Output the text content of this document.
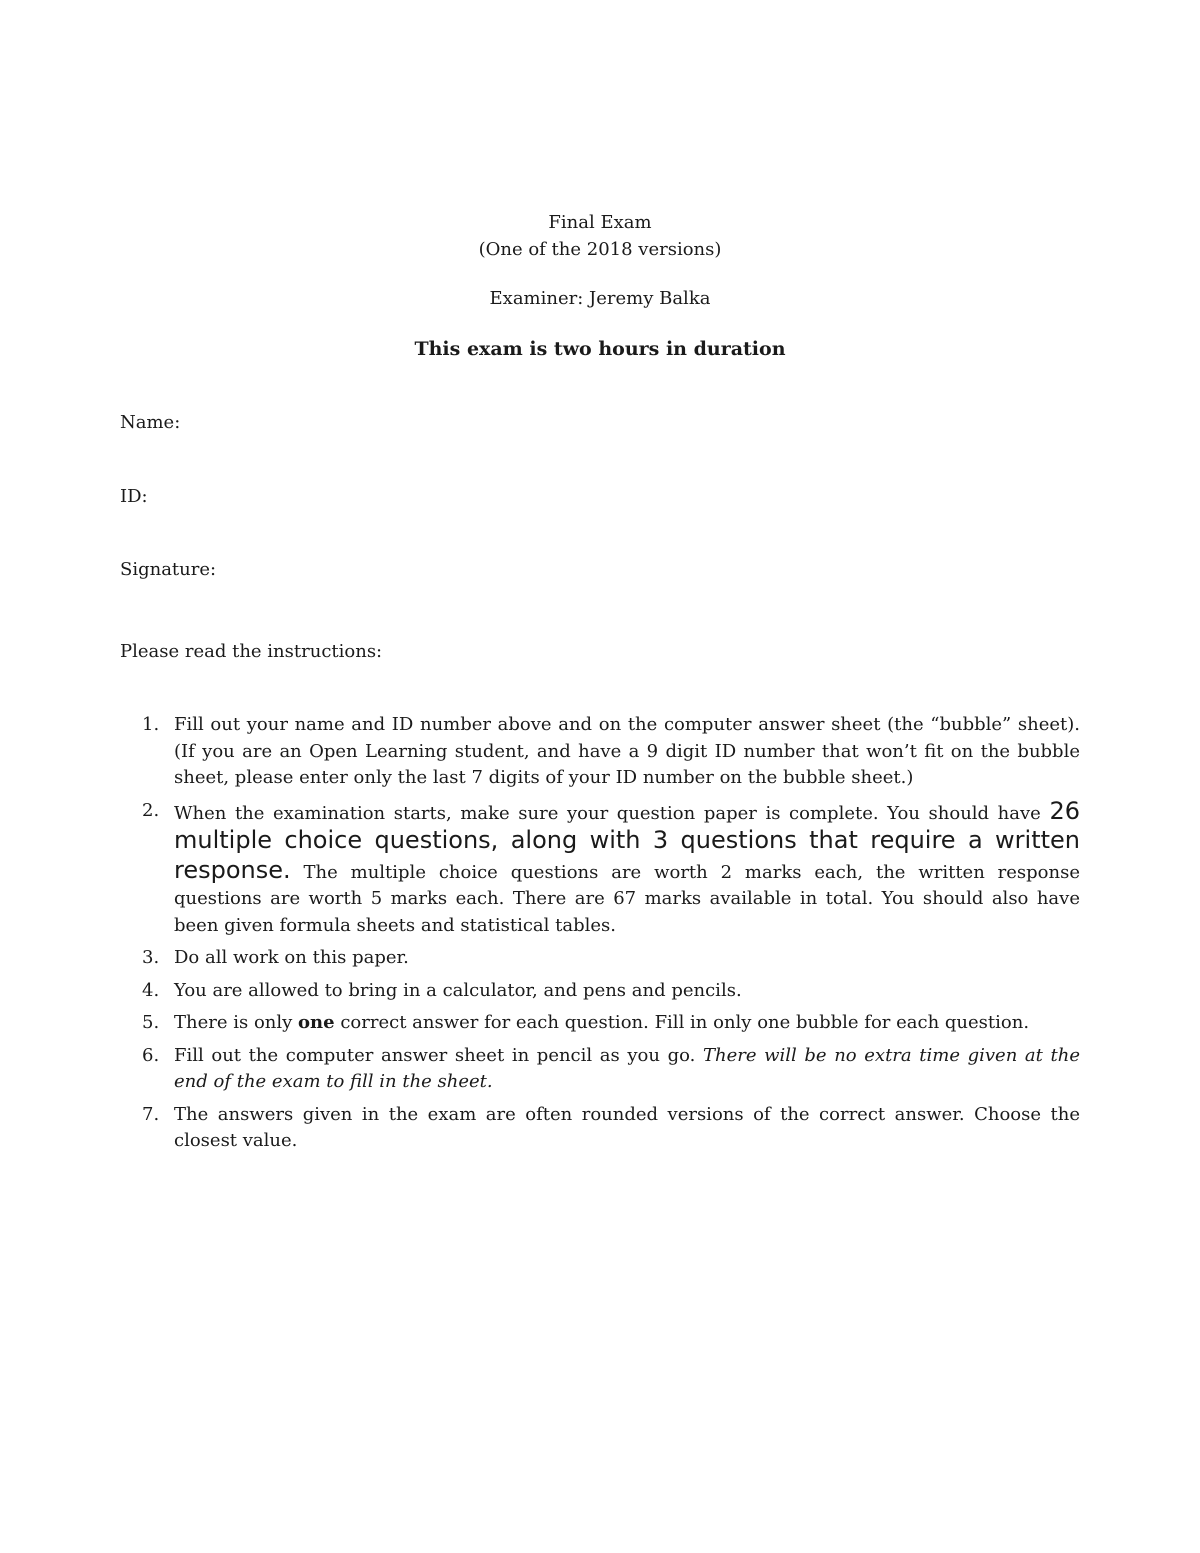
Final Exam
(One of the 2018 versions)
Examiner: Jeremy Balka
This exam is two hours in duration
Name:
ID:
Signature:
Please read the instructions:
1. Fill out your name and ID number above and on the computer answer sheet (the “bubble” sheet). (If you are an Open Learning student, and have a 9 digit ID number that won’t fit on the bubble sheet, please enter only the last 7 digits of your ID number on the bubble sheet.)
2. When the examination starts, make sure your question paper is complete. You should have 26 multiple choice questions, along with 3 questions that require a written response. The multiple choice questions are worth 2 marks each, the written response questions are worth 5 marks each. There are 67 marks available in total. You should also have been given formula sheets and statistical tables.
3. Do all work on this paper.
4. You are allowed to bring in a calculator, and pens and pencils.
5. There is only one correct answer for each question. Fill in only one bubble for each question.
6. Fill out the computer answer sheet in pencil as you go. There will be no extra time given at the end of the exam to fill in the sheet.
7. The answers given in the exam are often rounded versions of the correct answer. Choose the closest value.
